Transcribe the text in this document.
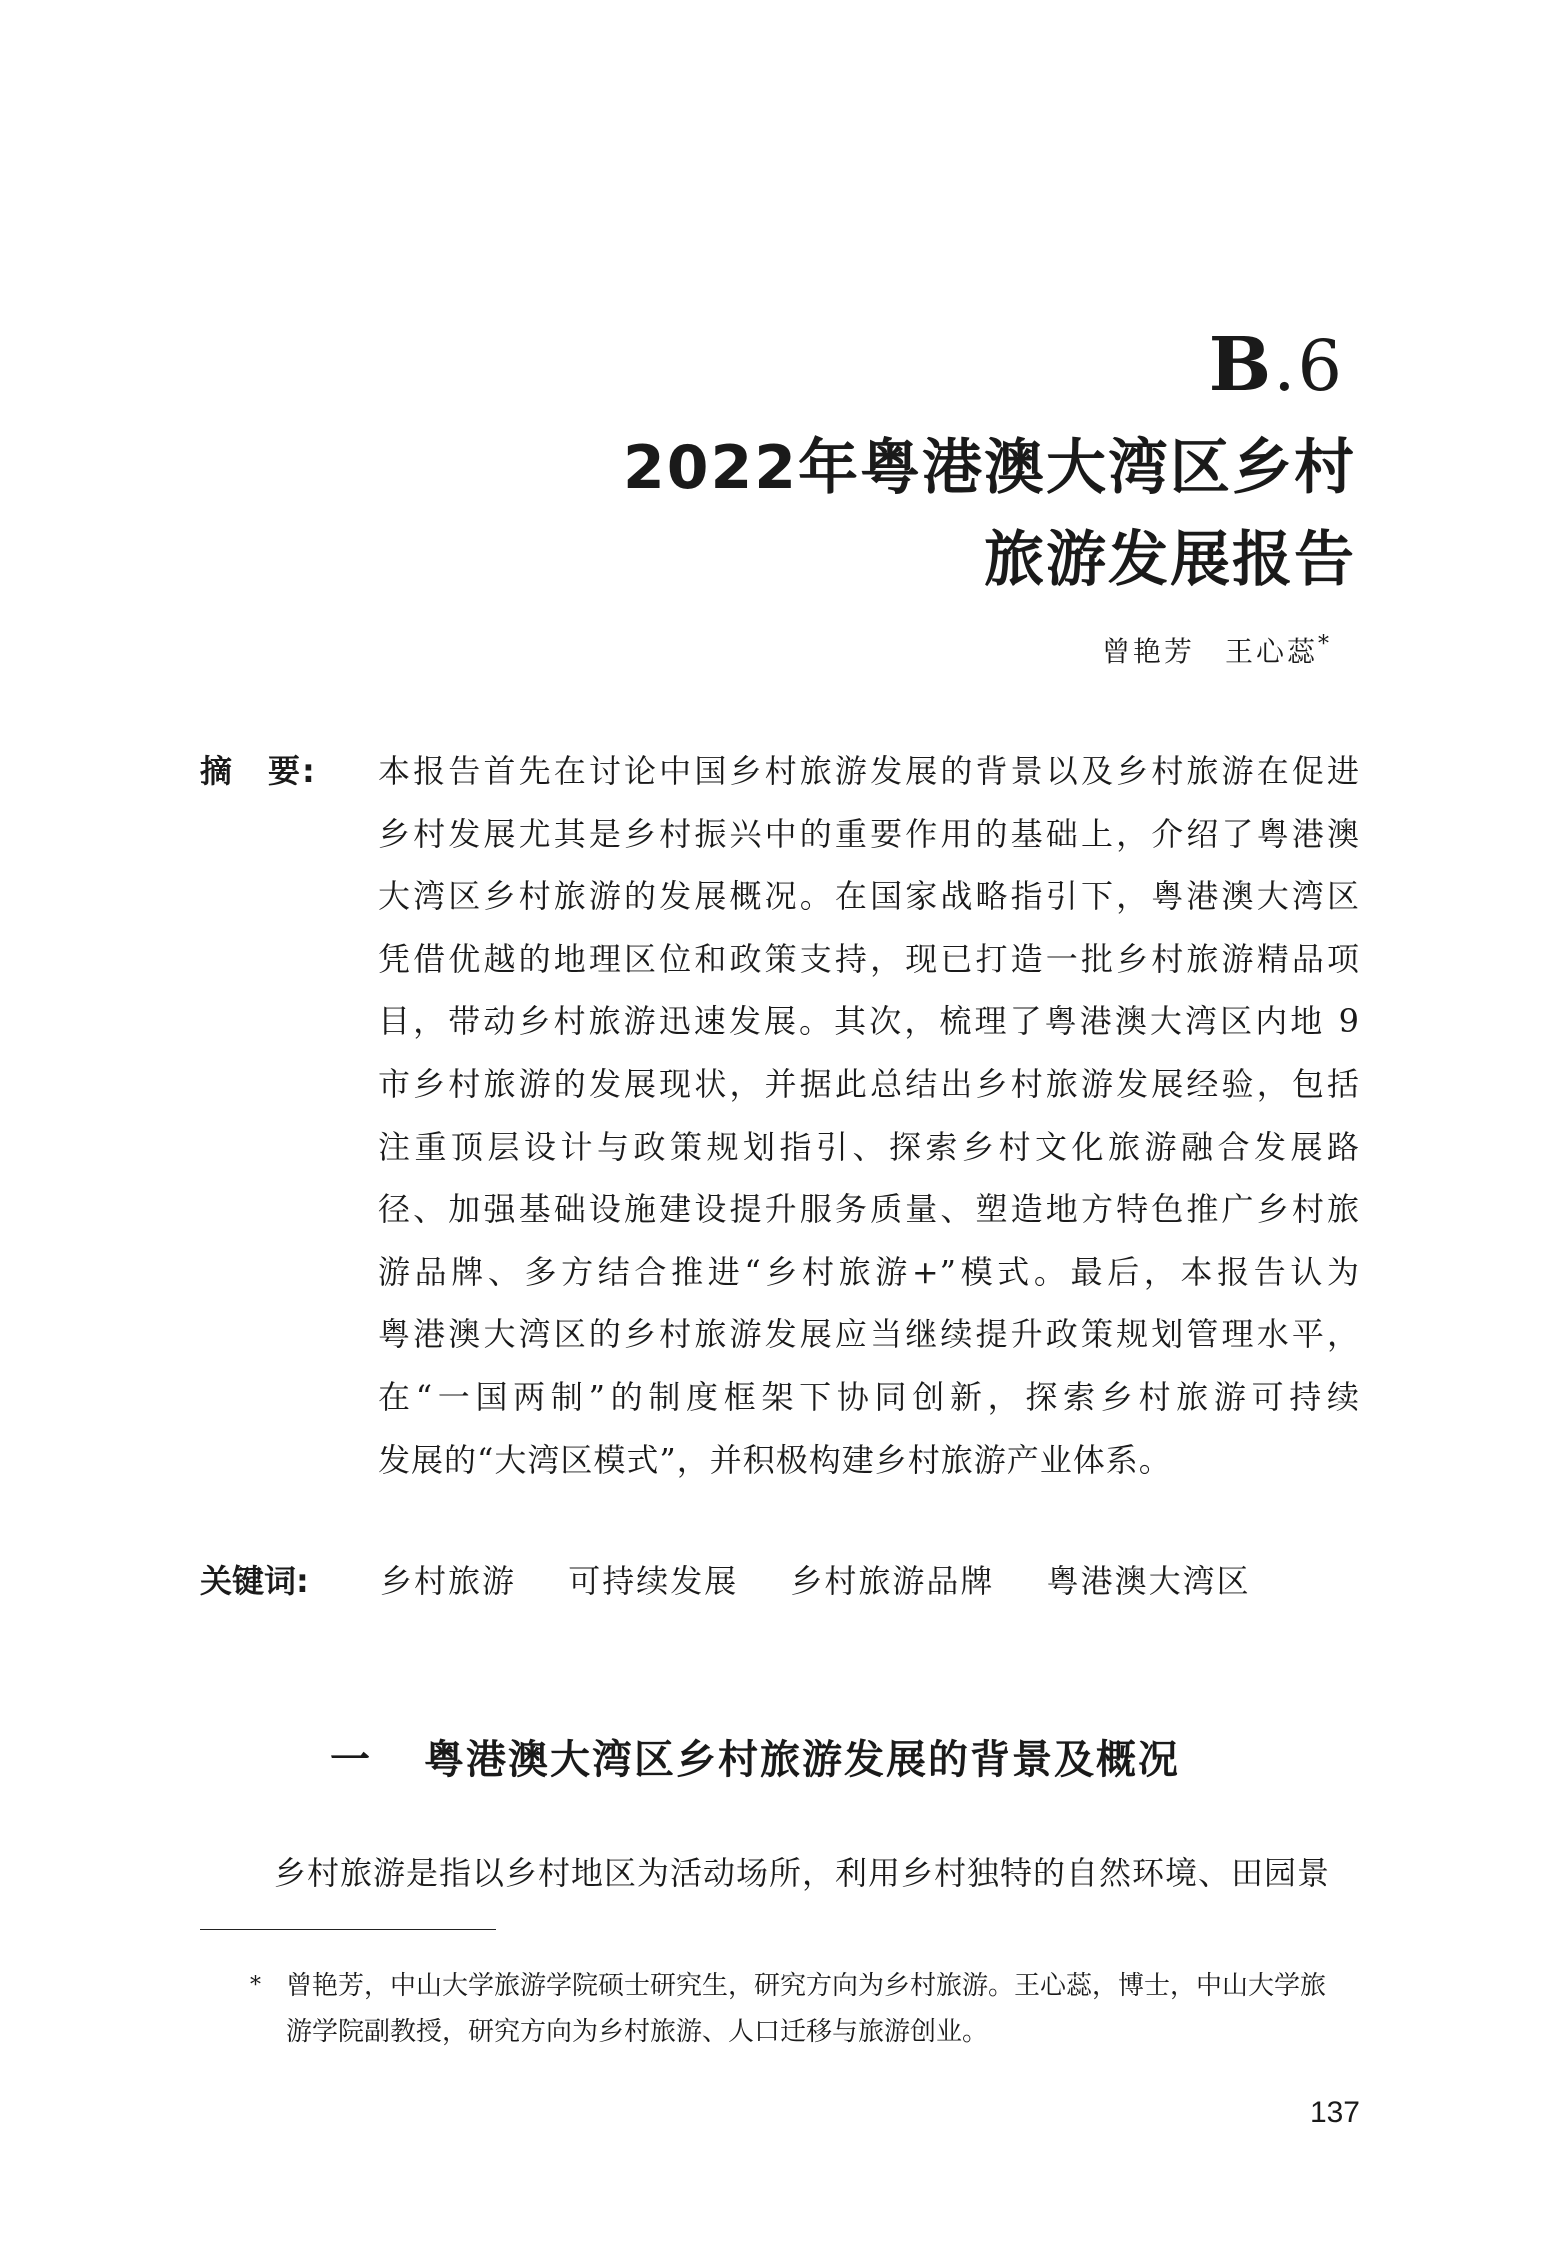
B.6
2022年粤港澳大湾区乡村
旅游发展报告
曾艳芳 王心蕊*
摘　要: 本报告首先在讨论中国乡村旅游发展的背景以及乡村旅游在促进
乡村发展尤其是乡村振兴中的重要作用的基础上，介绍了粤港澳
大湾区乡村旅游的发展概况。在国家战略指引下，粤港澳大湾区
凭借优越的地理区位和政策支持，现已打造一批乡村旅游精品项
目，带动乡村旅游迅速发展。其次，梳理了粤港澳大湾区内地 9
市乡村旅游的发展现状，并据此总结出乡村旅游发展经验，包括
注重顶层设计与政策规划指引、探索乡村文化旅游融合发展路
径、加强基础设施建设提升服务质量、塑造地方特色推广乡村旅
游品牌、多方结合推进“乡村旅游+”模式。最后，本报告认为
粤港澳大湾区的乡村旅游发展应当继续提升政策规划管理水平，
在“一国两制”的制度框架下协同创新，探索乡村旅游可持续
发展的“大湾区模式”，并积极构建乡村旅游产业体系。
关键词: 乡村旅游 可持续发展 乡村旅游品牌 粤港澳大湾区
一 粤港澳大湾区乡村旅游发展的背景及概况
乡村旅游是指以乡村地区为活动场所，利用乡村独特的自然环境、田园景
* 曾艳芳，中山大学旅游学院硕士研究生，研究方向为乡村旅游。王心蕊，博士，中山大学旅
游学院副教授，研究方向为乡村旅游、人口迁移与旅游创业。
137
